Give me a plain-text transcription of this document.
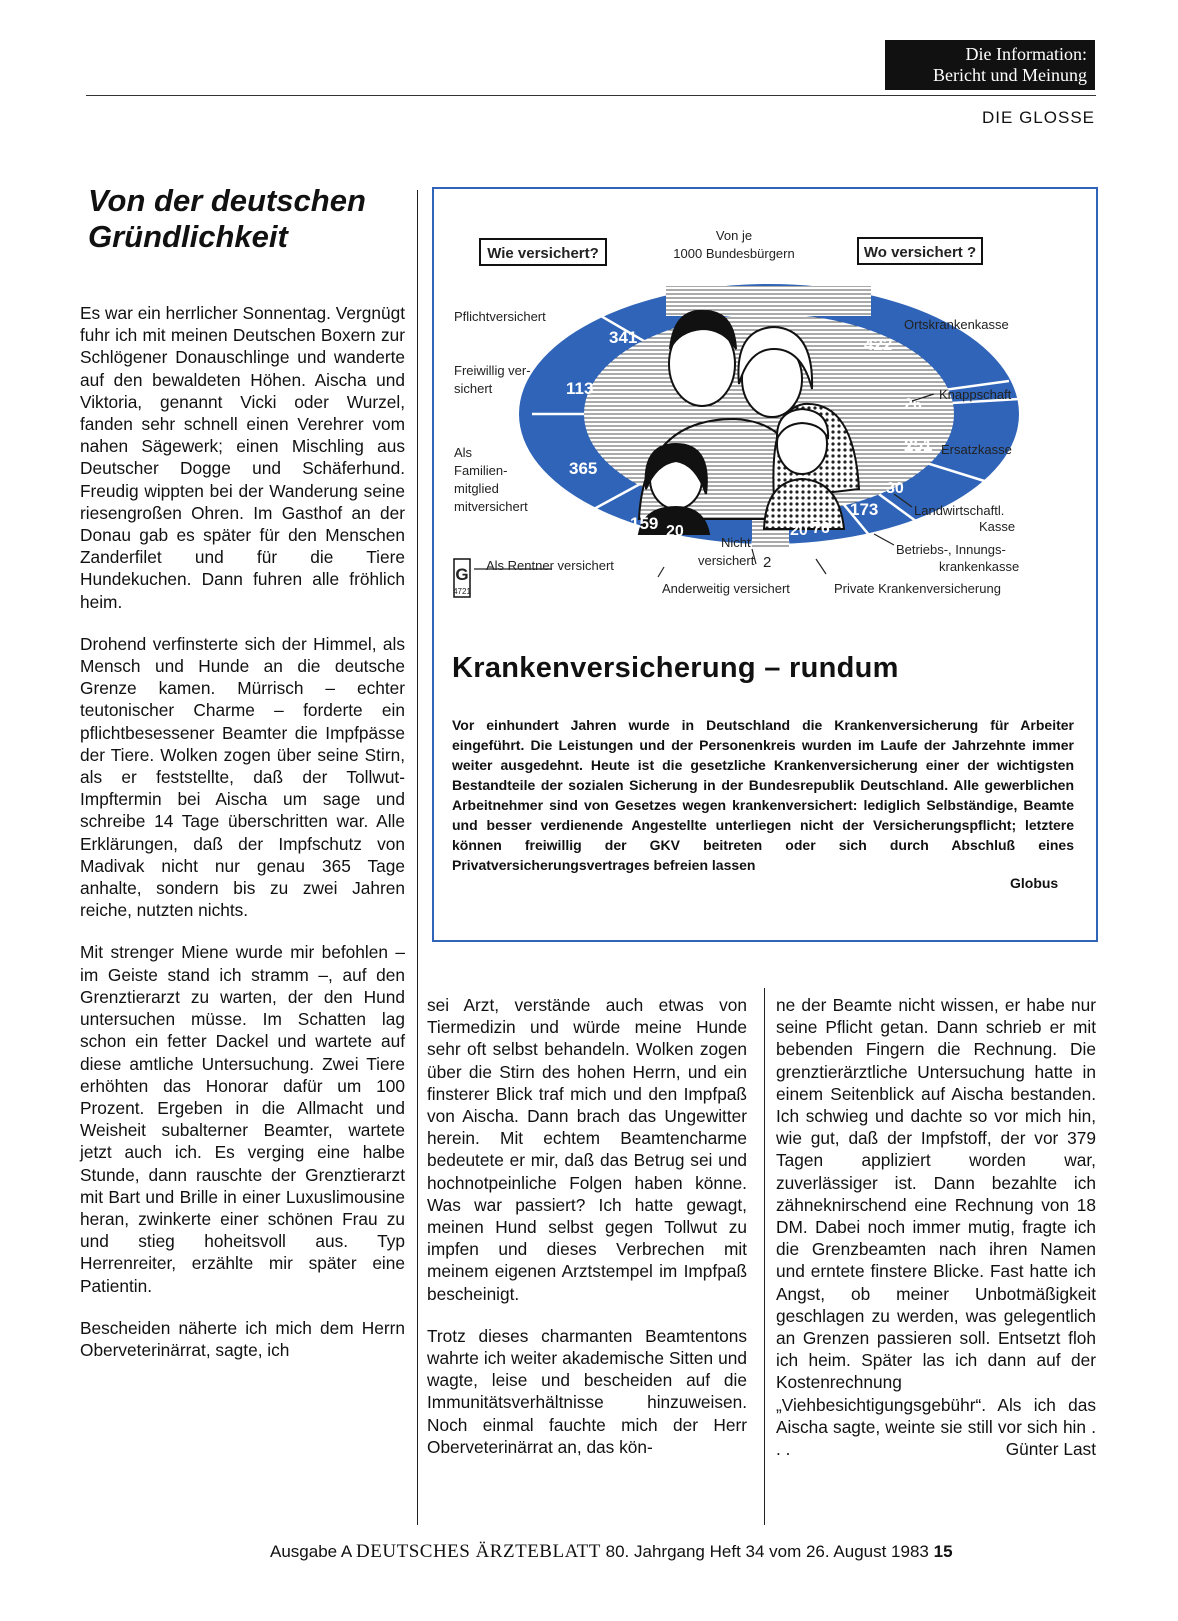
Die Information:
Bericht und Meinung
DIE GLOSSE
Von der deutschen
Gründlichkeit

Es war ein herrlicher Sonnentag. Vergnügt fuhr ich mit meinen Deutschen Boxern zur Schlögener Donauschlinge und wanderte auf den bewaldeten Höhen. Aischa und Viktoria, genannt Vicki oder Wurzel, fanden sehr schnell einen Verehrer vom nahen Sägewerk; einen Mischling aus Deutscher Dogge und Schäferhund. Freudig wippten bei der Wanderung seine riesengroßen Ohren. Im Gasthof an der Donau gab es später für den Menschen Zanderfilet und für die Tiere Hundekuchen. Dann fuhren alle fröhlich heim.

Drohend verfinsterte sich der Himmel, als Mensch und Hunde an die deutsche Grenze kamen. Mürrisch – echter teutonischer Charme – forderte ein pflichtbesessener Beamter die Impfpässe der Tiere. Wolken zogen über seine Stirn, als er feststellte, daß der Tollwut-Impftermin bei Aischa um sage und schreibe 14 Tage überschritten war. Alle Erklärungen, daß der Impfschutz von Madivak nicht nur genau 365 Tage anhalte, sondern bis zu zwei Jahren reiche, nutzten nichts.

Mit strenger Miene wurde mir befohlen – im Geiste stand ich stramm –, auf den Grenztierarzt zu warten, der den Hund untersuchen müsse. Im Schatten lag schon ein fetter Dackel und wartete auf diese amtliche Untersuchung. Zwei Tiere erhöhten das Honorar dafür um 100 Prozent. Ergeben in die Allmacht und Weisheit subalterner Beamter, wartete jetzt auch ich. Es verging eine halbe Stunde, dann rauschte der Grenztierarzt mit Bart und Brille in einer Luxuslimousine heran, zwinkerte einer schönen Frau zu und stieg hoheitsvoll aus. Typ Herrenreiter, erzählte mir später eine Patientin.

Bescheiden näherte ich mich dem Herrn Oberveterinärrat, sagte, ich

Wie versichert?	Wo versichert ?
Von je
1000 Bundesbürgern
341
113
365
159 20
422
26
251
30
173
76
20
2
Pflichtversichert
Freiwillig ver-
sichert
Als
Familien-
mitglied
mitversichert
Als Rentner versichert
Anderweitig versichert
Nicht
versichert
Ortskrankenkasse
Knappschaft
Ersatzkasse
Landwirtschaftl.
Kasse
Betriebs-, Innungs-
krankenkasse
Private Krankenversicherung
G
4721
Krankenversicherung – rundum
Vor einhundert Jahren wurde in Deutschland die Krankenversicherung für Arbeiter eingeführt. Die Leistungen und der Personenkreis wurden im Laufe der Jahrzehnte immer weiter ausgedehnt. Heute ist die gesetzliche Krankenversicherung einer der wichtigsten Bestandteile der sozialen Sicherung in der Bundesrepublik Deutschland. Alle gewerblichen Arbeitnehmer sind von Gesetzes wegen krankenversichert: lediglich Selbständige, Beamte und besser verdienende Angestellte unterliegen nicht der Versicherungspflicht; letztere können freiwillig der GKV beitreten oder sich durch Abschluß eines Privatversicherungsvertrages befreien lassen
Globus

sei Arzt, verstände auch etwas von Tiermedizin und würde meine Hunde sehr oft selbst behandeln. Wolken zogen über die Stirn des hohen Herrn, und ein finsterer Blick traf mich und den Impfpaß von Aischa. Dann brach das Ungewitter herein. Mit echtem Beamtencharme bedeutete er mir, daß das Betrug sei und hochnotpeinliche Folgen haben könne. Was war passiert? Ich hatte gewagt, meinen Hund selbst gegen Tollwut zu impfen und dieses Verbrechen mit meinem eigenen Arztstempel im Impfpaß bescheinigt.

Trotz dieses charmanten Beamtentons wahrte ich weiter akademische Sitten und wagte, leise und bescheiden auf die Immunitätsverhältnisse hinzuweisen. Noch einmal fauchte mich der Herr Oberveterinärrat an, das kön-

ne der Beamte nicht wissen, er habe nur seine Pflicht getan. Dann schrieb er mit bebenden Fingern die Rechnung. Die grenztierärztliche Untersuchung hatte in einem Seitenblick auf Aischa bestanden. Ich schwieg und dachte so vor mich hin, wie gut, daß der Impfstoff, der vor 379 Tagen appliziert worden war, zuverlässiger ist. Dann bezahlte ich zähneknirschend eine Rechnung von 18 DM. Dabei noch immer mutig, fragte ich die Grenzbeamten nach ihren Namen und erntete finstere Blicke. Fast hatte ich Angst, ob meiner Unbotmäßigkeit geschlagen zu werden, was gelegentlich an Grenzen passieren soll. Entsetzt floh ich heim. Später las ich dann auf der Kostenrechnung „Viehbesichtigungsgebühr“. Als ich das Aischa sagte, weinte sie still vor sich hin . . .	Günter Last
Ausgabe A DEUTSCHES ÄRZTEBLATT 80. Jahrgang Heft 34 vom 26. August 1983 15
